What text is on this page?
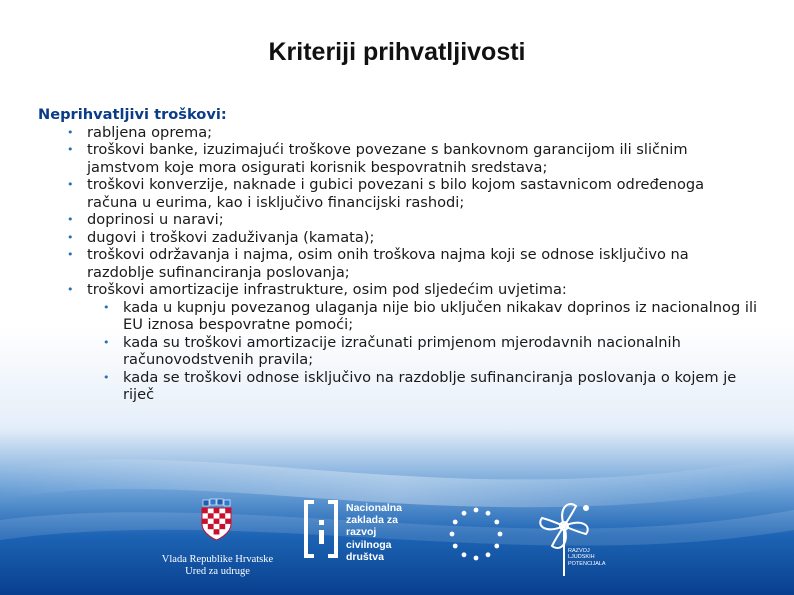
Kriteriji prihvatljivosti
Neprihvatljivi troškovi:
• rabljena oprema;
• troškovi banke, izuzimajući troškove povezane s bankovnom garancijom ili sličnim jamstvom koje mora osigurati korisnik bespovratnih sredstava;
• troškovi konverzije, naknade i gubici povezani s bilo kojom sastavnicom određenoga računa u eurima, kao i isključivo financijski rashodi;
• doprinosi u naravi;
• dugovi i troškovi zaduživanja (kamata);
• troškovi održavanja i najma, osim onih troškova najma koji se odnose isključivo na razdoblje sufinanciranja poslovanja;
• troškovi amortizacije infrastrukture, osim pod sljedećim uvjetima:
• kada u kupnju povezanog ulaganja nije bio uključen nikakav doprinos iz nacionalnog ili EU iznosa bespovratne pomoći;
• kada su troškovi amortizacije izračunati primjenom mjerodavnih nacionalnih računovodstvenih pravila;
• kada se troškovi odnose isključivo na razdoblje sufinanciranja poslovanja o kojem je riječ
Vlada Republike Hrvatske
Ured za udruge
Nacionalna
zaklada za
razvoj
civilnoga
društva	RAZVOJ
LJUDSKIH
POTENCIJALA
